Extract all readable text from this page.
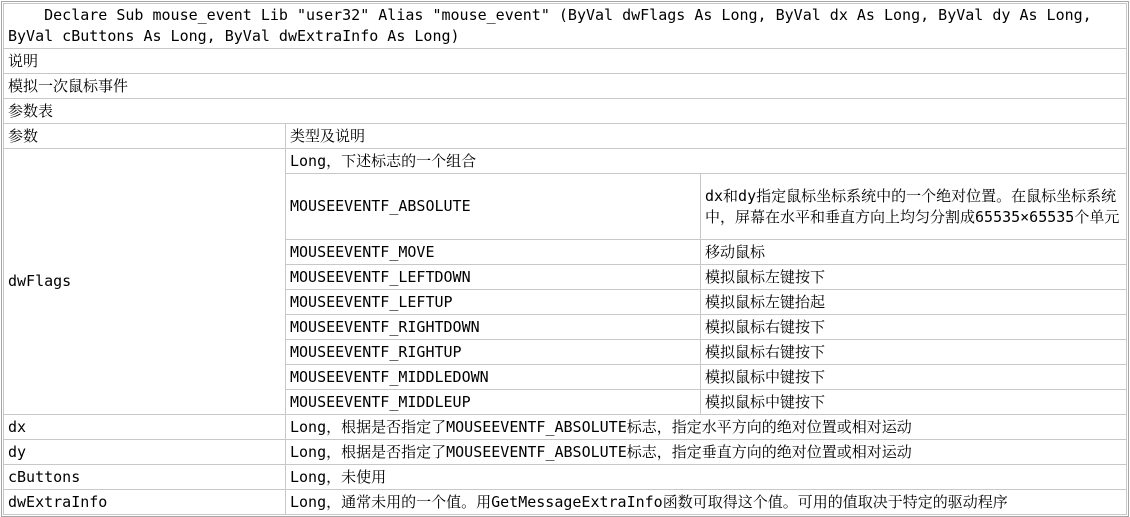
Declare Sub mouse_event Lib "user32" Alias "mouse_event" (ByVal dwFlags As Long, ByVal dx As Long, ByVal dy As Long, ByVal cButtons As Long, ByVal dwExtraInfo As Long)		
说明		
模拟一次鼠标事件		
参数表		
参数	类型及说明	
dwFlags	Long，下述标志的一个组合	
	MOUSEEVENTF_ABSOLUTE	dx和dy指定鼠标坐标系统中的一个绝对位置。在鼠标坐标系统中，屏幕在水平和垂直方向上均匀分割成65535×65535个单元
	MOUSEEVENTF_MOVE	移动鼠标
	MOUSEEVENTF_LEFTDOWN	模拟鼠标左键按下
	MOUSEEVENTF_LEFTUP	模拟鼠标左键抬起
	MOUSEEVENTF_RIGHTDOWN	模拟鼠标右键按下
	MOUSEEVENTF_RIGHTUP	模拟鼠标右键按下
	MOUSEEVENTF_MIDDLEDOWN	模拟鼠标中键按下
	MOUSEEVENTF_MIDDLEUP	模拟鼠标中键按下
dx	Long，根据是否指定了MOUSEEVENTF_ABSOLUTE标志，指定水平方向的绝对位置或相对运动	
dy	Long，根据是否指定了MOUSEEVENTF_ABSOLUTE标志，指定垂直方向的绝对位置或相对运动	
cButtons	Long，未使用	
dwExtraInfo	Long，通常未用的一个值。用GetMessageExtraInfo函数可取得这个值。可用的值取决于特定的驱动程序	
